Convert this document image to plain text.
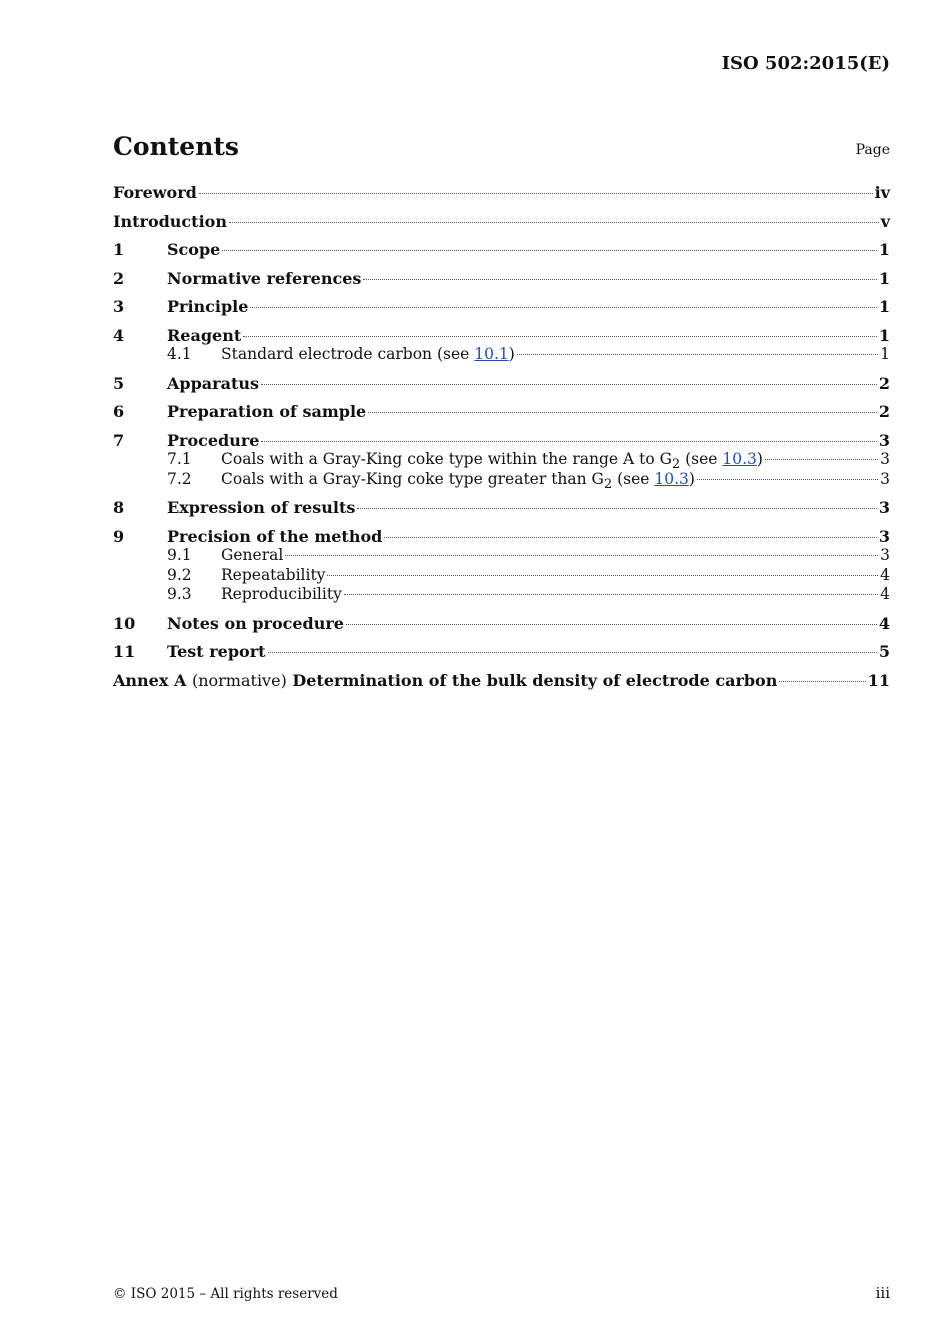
ISO 502:2015(E)
Contents	Page
Foreword	iv
Introduction	v
1	Scope	1
2	Normative references	1
3	Principle	1
4	Reagent	1
4.1	Standard electrode carbon (see 10.1)	1
5	Apparatus	2
6	Preparation of sample	2
7	Procedure	3
7.1	Coals with a Gray-King coke type within the range A to $G_2$ (see 10.3)	3
7.2	Coals with a Gray-King coke type greater than $G_2$ (see 10.3)	3
8	Expression of results	3
9	Precision of the method	3
9.1	General	3
9.2	Repeatability	4
9.3	Reproducibility	4
10	Notes on procedure	4
11	Test report	5
Annex A (normative) Determination of the bulk density of electrode carbon	11
© ISO 2015 – All rights reserved	iii
